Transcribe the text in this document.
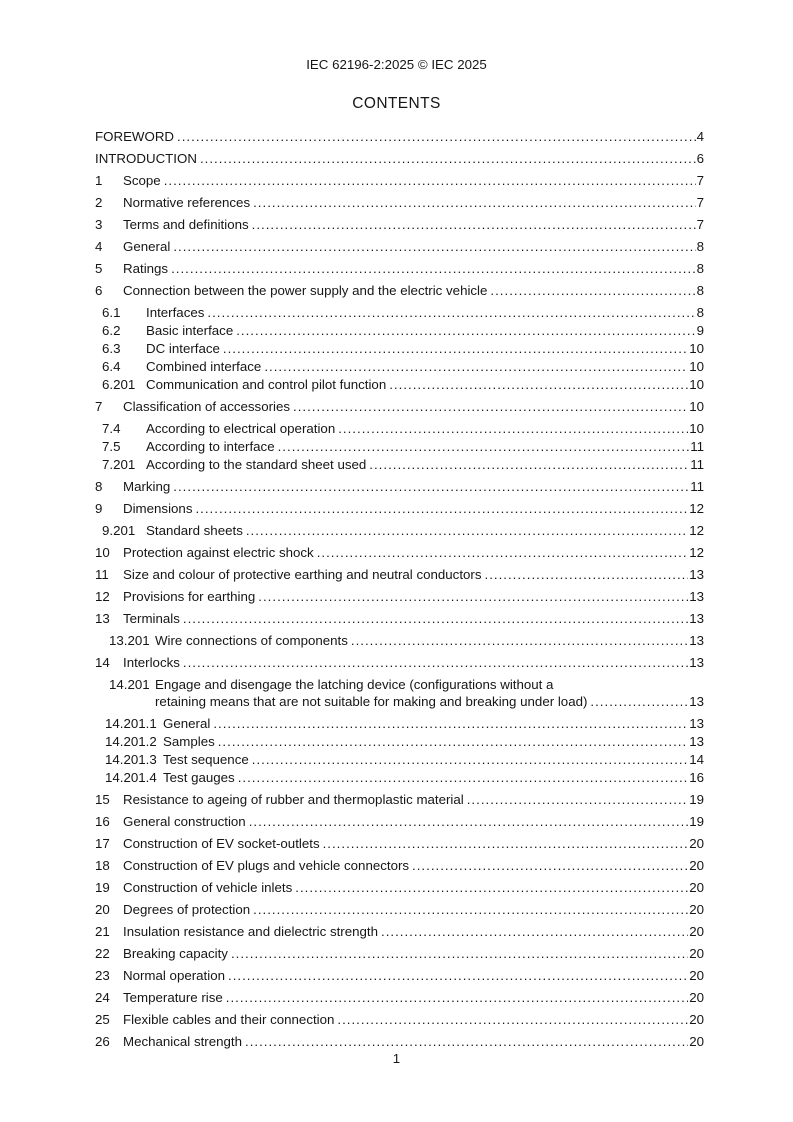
IEC 62196-2:2025 © IEC 2025
CONTENTS
FOREWORD .....	4
INTRODUCTION .....	6
1	Scope .....	7
2	Normative references .....	7
3	Terms and definitions .....	7
4	General .....	8
5	Ratings .....	8
6	Connection between the power supply and the electric vehicle .....	8
6.1	Interfaces .....	8
6.2	Basic interface .....	9
6.3	DC interface .....	10
6.4	Combined interface .....	10
6.201 Communication and control pilot function .....	10
7	Classification of accessories .....	10
7.4	According to electrical operation .....	10
7.5	According to interface .....	11
7.201 According to the standard sheet used .....	11
8	Marking .....	11
9	Dimensions .....	12
9.201 Standard sheets .....	12
10 Protection against electric shock .....	12
11	Size and colour of protective earthing and neutral conductors .....	13
12 Provisions for earthing .....	13
13 Terminals .....	13
13.201 Wire connections of components .....	13
14 Interlocks .....	13
14.201 Engage and disengage the latching device (configurations without a
retaining means that are not suitable for making and breaking under load) .....	13
14.201.1 General .....	13
14.201.2 Samples .....	13
14.201.3 Test sequence .....	14
14.201.4 Test gauges .....	16
15 Resistance to ageing of rubber and thermoplastic material .....	19
16 General construction .....	19
17 Construction of EV socket-outlets .....	20
18 Construction of EV plugs and vehicle connectors .....	20
19 Construction of vehicle inlets .....	20
20 Degrees of protection .....	20
21 Insulation resistance and dielectric strength .....	20
22 Breaking capacity .....	20
23 Normal operation .....	20
24 Temperature rise .....	20
25 Flexible cables and their connection .....	20
26 Mechanical strength .....	20
1
